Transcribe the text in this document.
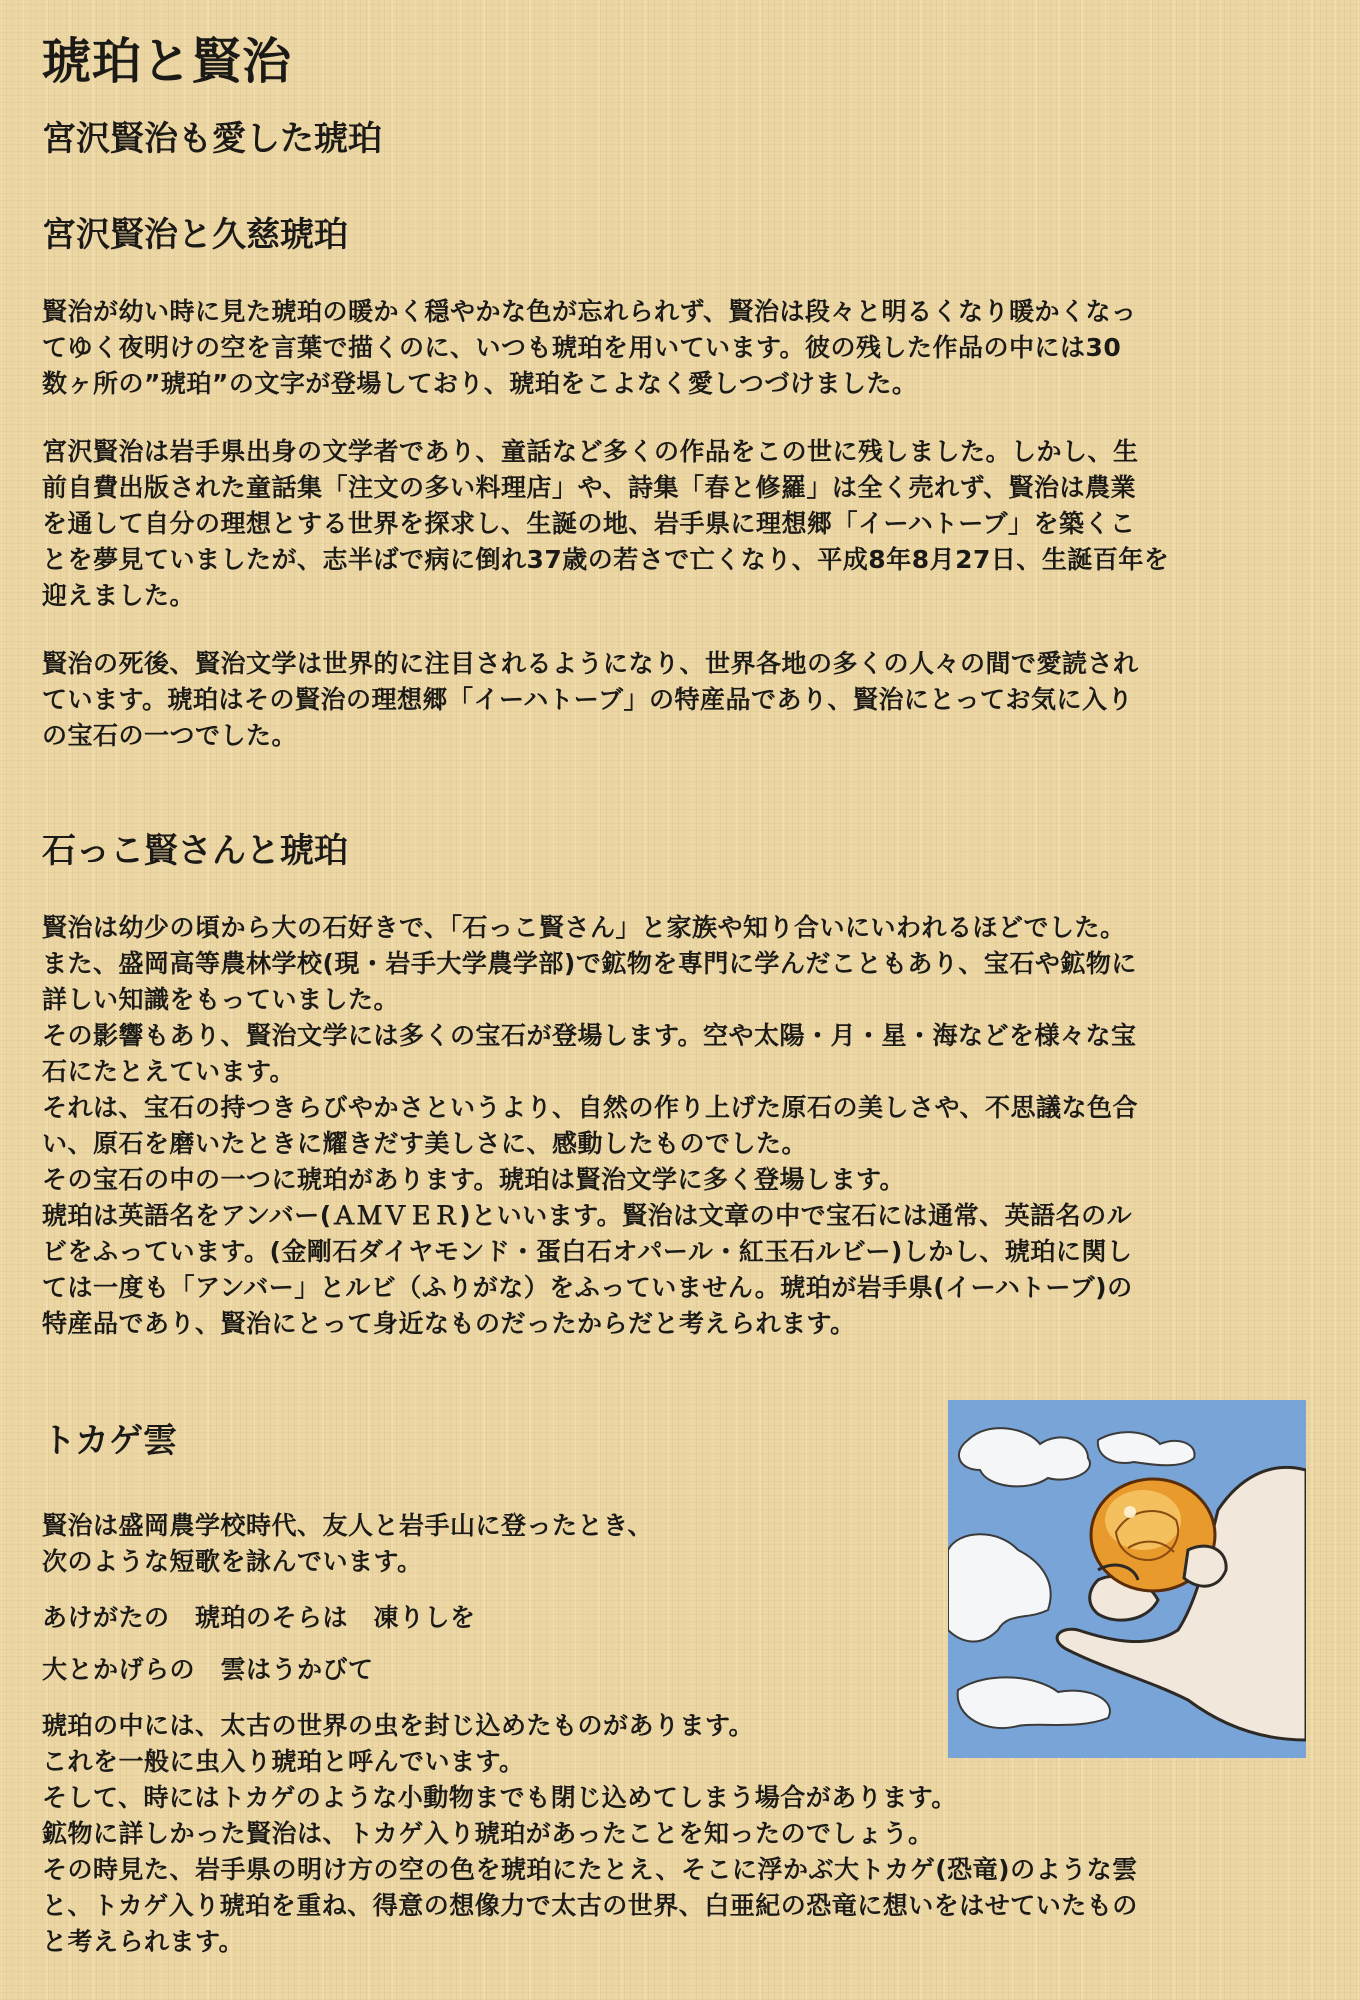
琥珀と賢治
宮沢賢治も愛した琥珀
宮沢賢治と久慈琥珀

賢治が幼い時に見た琥珀の暖かく穏やかな色が忘れられず、賢治は段々と明るくなり暖かくなっ
てゆく夜明けの空を言葉で描くのに、いつも琥珀を用いています。彼の残した作品の中には30
数ヶ所の”琥珀”の文字が登場しており、琥珀をこよなく愛しつづけました。

宮沢賢治は岩手県出身の文学者であり、童話など多くの作品をこの世に残しました。しかし、生
前自費出版された童話集「注文の多い料理店」や、詩集「春と修羅」は全く売れず、賢治は農業
を通して自分の理想とする世界を探求し、生誕の地、岩手県に理想郷「イーハトーブ」を築くこ
とを夢見ていましたが、志半ばで病に倒れ37歳の若さで亡くなり、平成8年8月27日、生誕百年を
迎えました。

賢治の死後、賢治文学は世界的に注目されるようになり、世界各地の多くの人々の間で愛読され
ています。琥珀はその賢治の理想郷「イーハトーブ」の特産品であり、賢治にとってお気に入り
の宝石の一つでした。

石っこ賢さんと琥珀

賢治は幼少の頃から大の石好きで、「石っこ賢さん」と家族や知り合いにいわれるほどでした。
また、盛岡高等農林学校(現・岩手大学農学部)で鉱物を専門に学んだこともあり、宝石や鉱物に
詳しい知識をもっていました。
その影響もあり、賢治文学には多くの宝石が登場します。空や太陽・月・星・海などを様々な宝
石にたとえています。
それは、宝石の持つきらびやかさというより、自然の作り上げた原石の美しさや、不思議な色合
い、原石を磨いたときに耀きだす美しさに、感動したものでした。
その宝石の中の一つに琥珀があります。琥珀は賢治文学に多く登場します。
琥珀は英語名をアンバー(ＡＭＶＥＲ)といいます。賢治は文章の中で宝石には通常、英語名のル
ビをふっています。(金剛石ダイヤモンド・蛋白石オパール・紅玉石ルビー)しかし、琥珀に関し
ては一度も「アンバー」とルビ（ふりがな）をふっていません。琥珀が岩手県(イーハトーブ)の
特産品であり、賢治にとって身近なものだったからだと考えられます。

トカゲ雲

賢治は盛岡農学校時代、友人と岩手山に登ったとき、
次のような短歌を詠んでいます。

あけがたの　琥珀のそらは　凍りしを

大とかげらの　雲はうかびて

琥珀の中には、太古の世界の虫を封じ込めたものがあります。
これを一般に虫入り琥珀と呼んでいます。
そして、時にはトカゲのような小動物までも閉じ込めてしまう場合があります。
鉱物に詳しかった賢治は、トカゲ入り琥珀があったことを知ったのでしょう。
その時見た、岩手県の明け方の空の色を琥珀にたとえ、そこに浮かぶ大トカゲ(恐竜)のような雲
と、トカゲ入り琥珀を重ね、得意の想像力で太古の世界、白亜紀の恐竜に想いをはせていたもの
と考えられます。
